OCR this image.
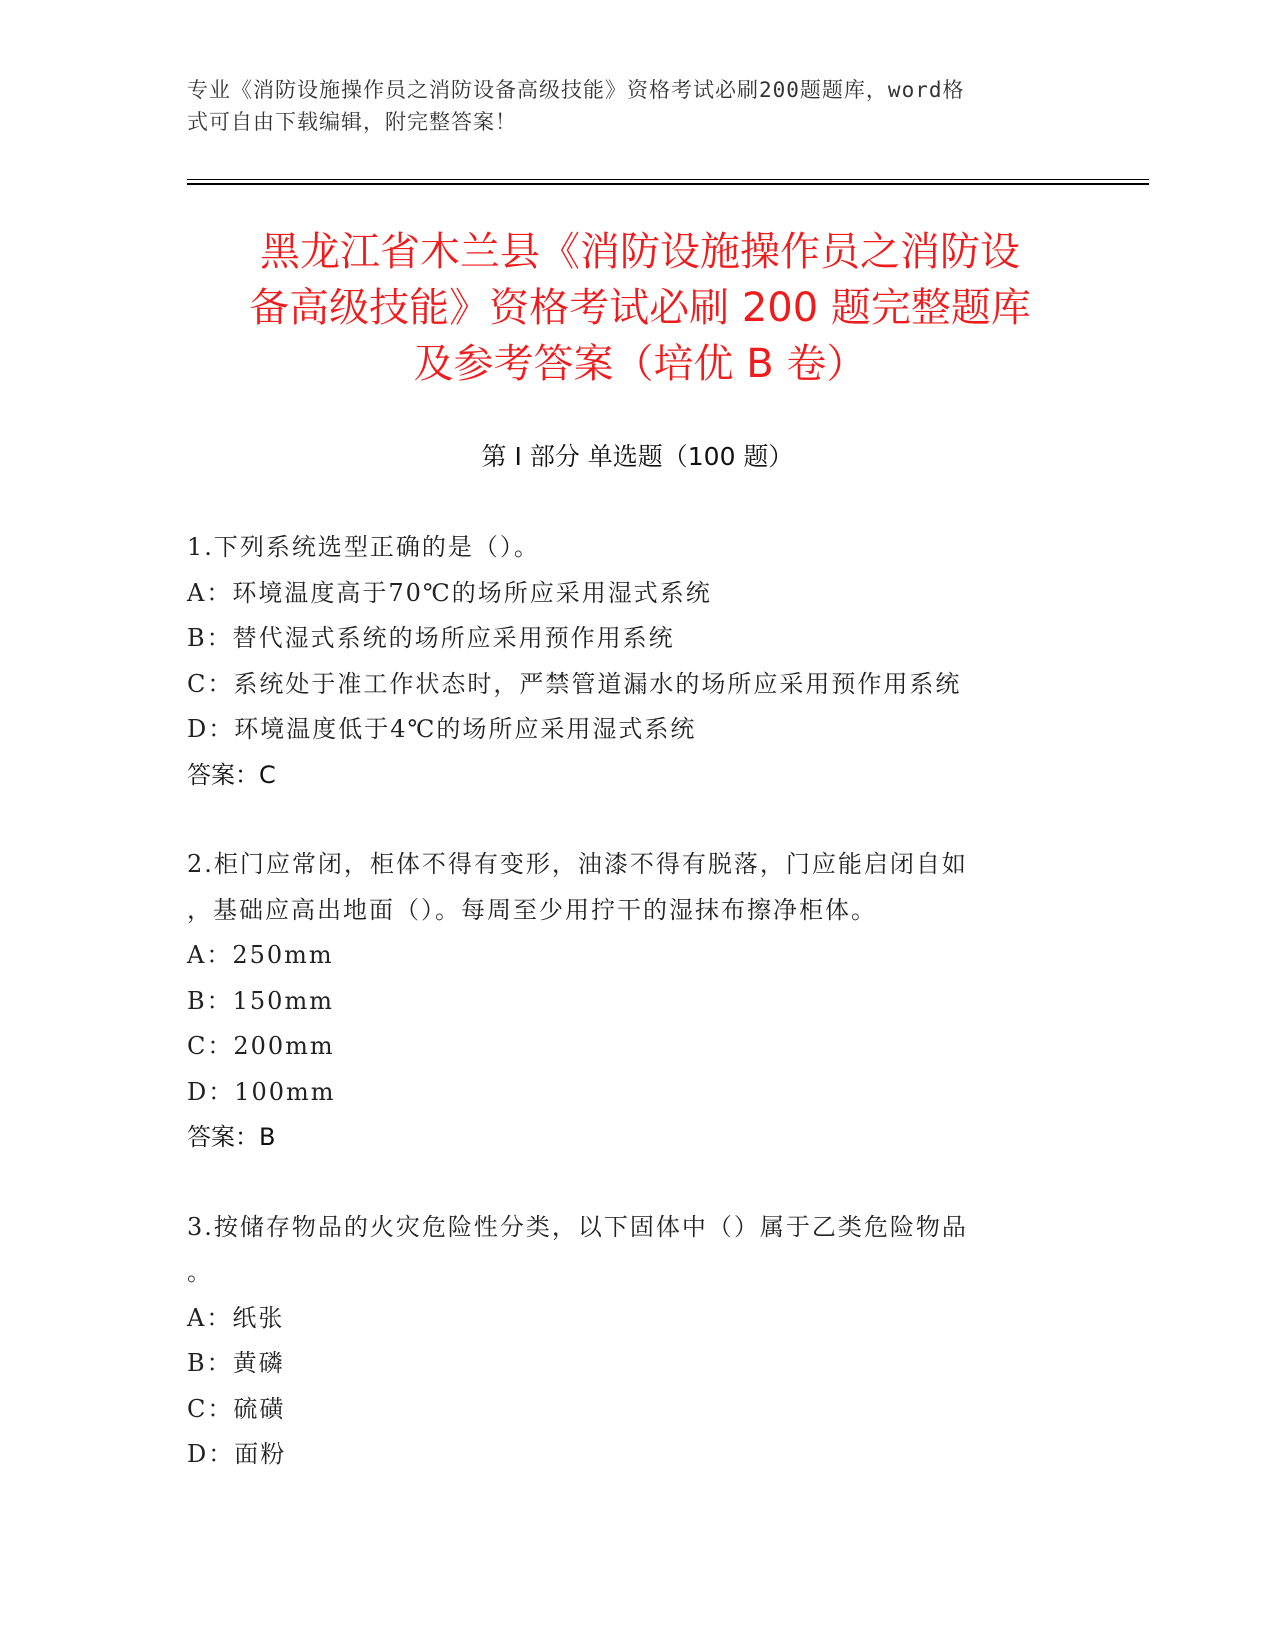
专业《消防设施操作员之消防设备高级技能》资格考试必刷200题题库，word格
式可自由下载编辑，附完整答案！
黑龙江省木兰县《消防设施操作员之消防设
备高级技能》资格考试必刷 200 题完整题库
及参考答案（培优 B 卷）
第 I 部分 单选题（100 题）

1.下列系统选型正确的是（）。

A：环境温度高于70℃的场所应采用湿式系统

B：替代湿式系统的场所应采用预作用系统

C：系统处于准工作状态时，严禁管道漏水的场所应采用预作用系统

D：环境温度低于4℃的场所应采用湿式系统

答案：C

2.柜门应常闭，柜体不得有变形，油漆不得有脱落，门应能启闭自如

，基础应高出地面（）。每周至少用拧干的湿抹布擦净柜体。

A：250mm

B：150mm

C：200mm

D：100mm

答案：B

3.按储存物品的火灾危险性分类，以下固体中（）属于乙类危险物品

。

A：纸张

B：黄磷

C：硫磺

D：面粉
